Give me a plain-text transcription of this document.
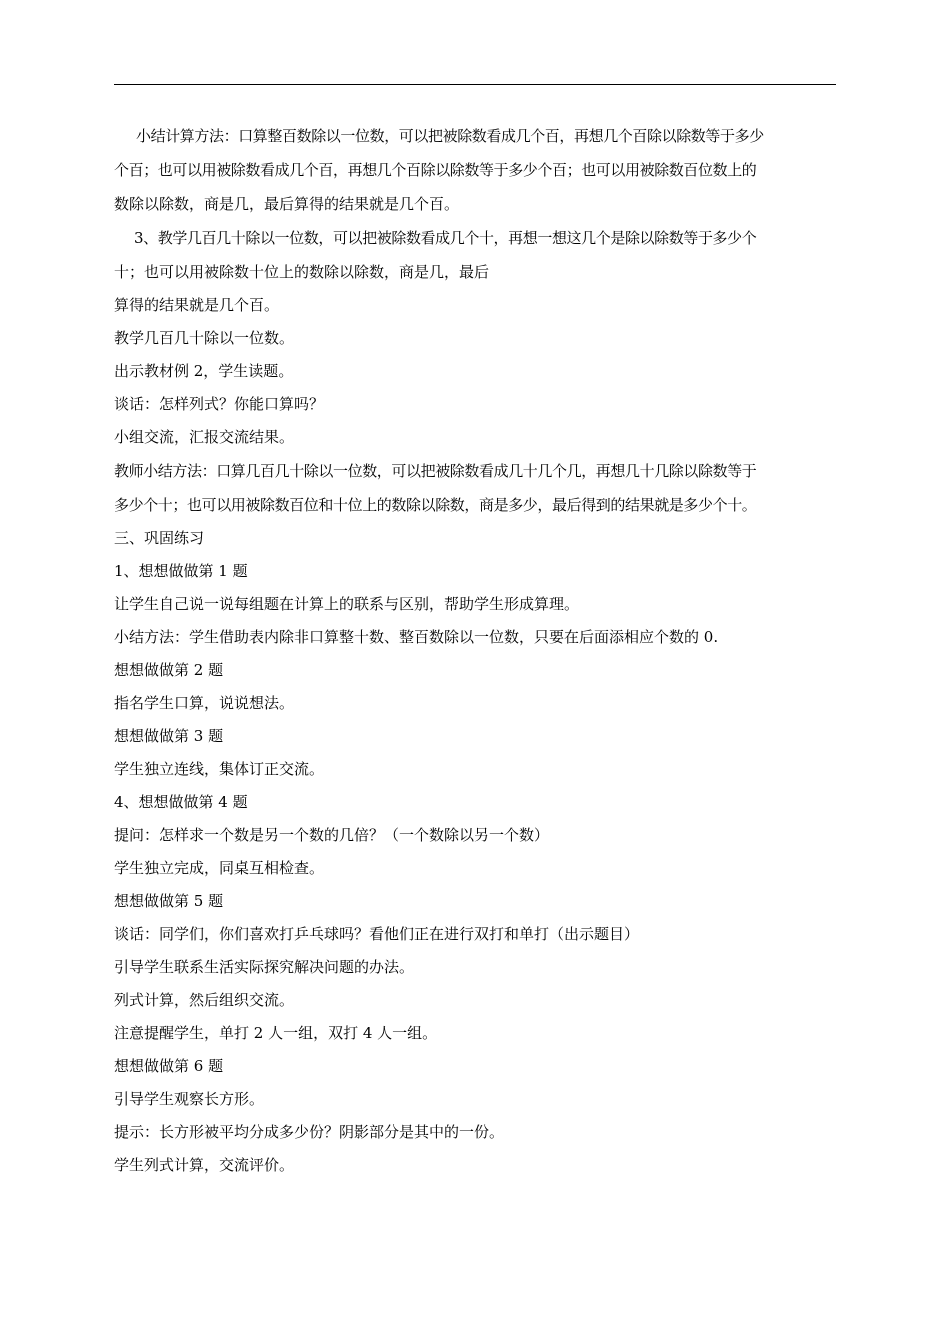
小结计算方法：口算整百数除以一位数，可以把被除数看成几个百，再想几个百除以除数等于多少

个百；也可以用被除数看成几个百，再想几个百除以除数等于多少个百；也可以用被除数百位数上的

数除以除数，商是几，最后算得的结果就是几个百。

3、教学几百几十除以一位数，可以把被除数看成几个十，再想一想这几个是除以除数等于多少个

十；也可以用被除数十位上的数除以除数，商是几，最后

算得的结果就是几个百。

教学几百几十除以一位数。

出示教材例 2，学生读题。

谈话：怎样列式？你能口算吗？

小组交流，汇报交流结果。

教师小结方法：口算几百几十除以一位数，可以把被除数看成几十几个几，再想几十几除以除数等于

多少个十；也可以用被除数百位和十位上的数除以除数，商是多少，最后得到的结果就是多少个十。

三、巩固练习

1、想想做做第 1 题

让学生自己说一说每组题在计算上的联系与区别，帮助学生形成算理。

小结方法：学生借助表内除非口算整十数、整百数除以一位数，只要在后面添相应个数的 0.

想想做做第 2 题

指名学生口算，说说想法。

想想做做第 3 题

学生独立连线，集体订正交流。

4、想想做做第 4 题

提问：怎样求一个数是另一个数的几倍？（一个数除以另一个数）

学生独立完成，同桌互相检查。

想想做做第 5 题

谈话：同学们，你们喜欢打乒乓球吗？看他们正在进行双打和单打（出示题目）

引导学生联系生活实际探究解决问题的办法。

列式计算，然后组织交流。

注意提醒学生，单打 2 人一组，双打 4 人一组。

想想做做第 6 题

引导学生观察长方形。

提示：长方形被平均分成多少份？阴影部分是其中的一份。

学生列式计算，交流评价。
